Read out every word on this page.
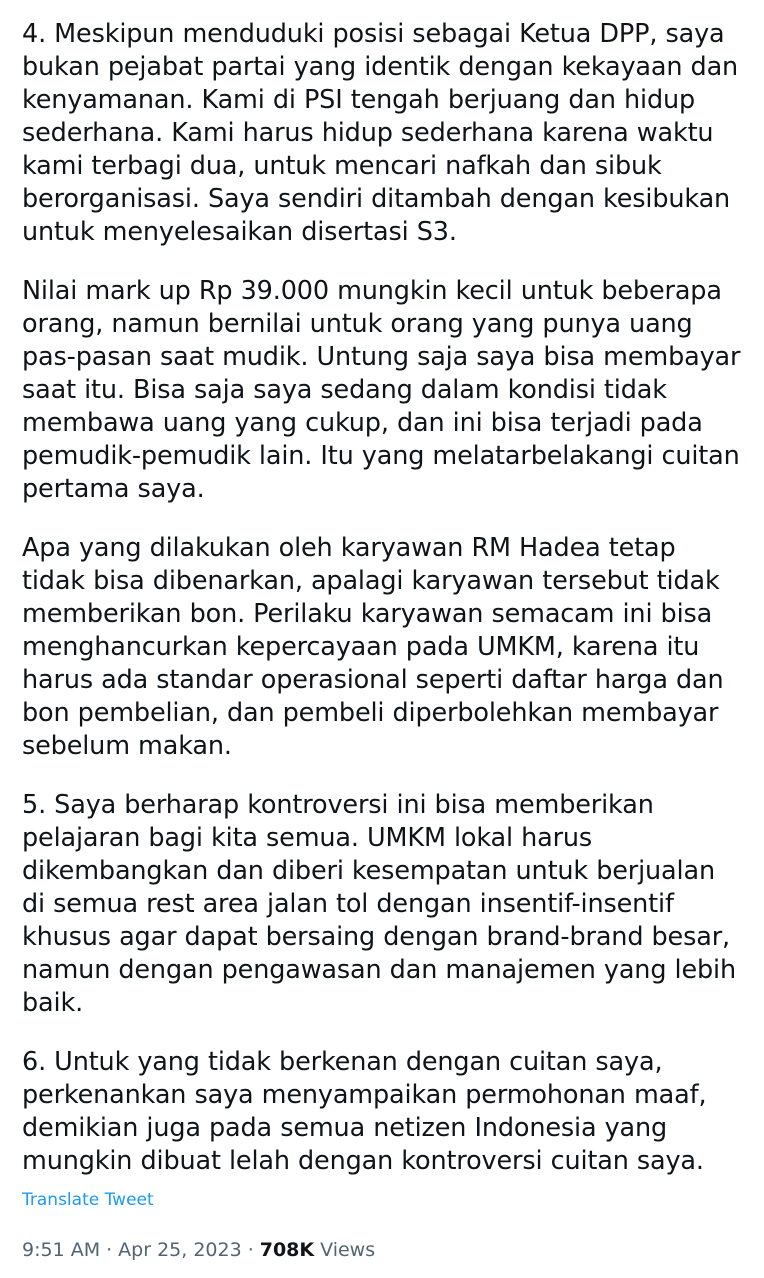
4. Meskipun menduduki posisi sebagai Ketua DPP, saya bukan pejabat partai yang identik dengan kekayaan dan kenyamanan. Kami di PSI tengah berjuang dan hidup sederhana. Kami harus hidup sederhana karena waktu kami terbagi dua, untuk mencari nafkah dan sibuk berorganisasi. Saya sendiri ditambah dengan kesibukan untuk menyelesaikan disertasi S3.

Nilai mark up Rp 39.000 mungkin kecil untuk beberapa orang, namun bernilai untuk orang yang punya uang pas-pasan saat mudik. Untung saja saya bisa membayar saat itu. Bisa saja saya sedang dalam kondisi tidak membawa uang yang cukup, dan ini bisa terjadi pada pemudik-pemudik lain. Itu yang melatarbelakangi cuitan pertama saya.

Apa yang dilakukan oleh karyawan RM Hadea tetap tidak bisa dibenarkan, apalagi karyawan tersebut tidak memberikan bon. Perilaku karyawan semacam ini bisa menghancurkan kepercayaan pada UMKM, karena itu harus ada standar operasional seperti daftar harga dan bon pembelian, dan pembeli diperbolehkan membayar sebelum makan.

5. Saya berharap kontroversi ini bisa memberikan pelajaran bagi kita semua. UMKM lokal harus dikembangkan dan diberi kesempatan untuk berjualan di semua rest area jalan tol dengan insentif-insentif khusus agar dapat bersaing dengan brand-brand besar, namun dengan pengawasan dan manajemen yang lebih baik.

6. Untuk yang tidak berkenan dengan cuitan saya, perkenankan saya menyampaikan permohonan maaf, demikian juga pada semua netizen Indonesia yang mungkin dibuat lelah dengan kontroversi cuitan saya.

Translate Tweet
9:51 AM · Apr 25, 2023 · 708K Views
